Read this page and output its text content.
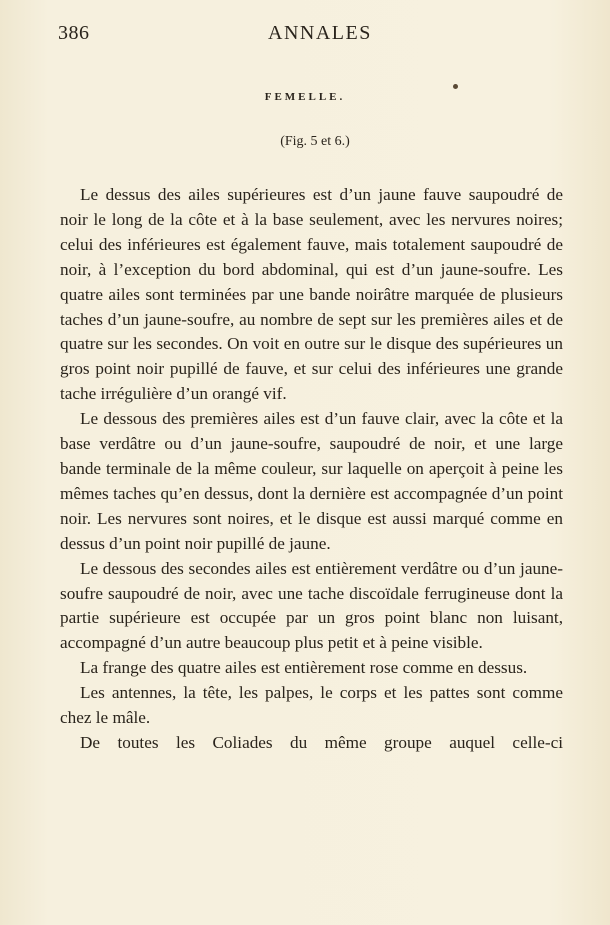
386	ANNALES
FEMELLE.
(Fig. 5 et 6.)

Le dessus des ailes supérieures est d’un jaune fauve saupoudré de noir le long de la côte et à la base seulement, avec les nervures noires; celui des inférieures est également fauve, mais totalement saupoudré de noir, à l’exception du bord abdominal, qui est d’un jaune-soufre. Les quatre ailes sont terminées par une bande noirâtre marquée de plusieurs taches d’un jaune-soufre, au nombre de sept sur les premières ailes et de quatre sur les secondes. On voit en outre sur le disque des supérieures un gros point noir pupillé de fauve, et sur celui des inférieures une grande tache irrégulière d’un orangé vif.

Le dessous des premières ailes est d’un fauve clair, avec la côte et la base verdâtre ou d’un jaune-soufre, saupoudré de noir, et une large bande terminale de la même couleur, sur laquelle on aperçoit à peine les mêmes taches qu’en dessus, dont la dernière est accompagnée d’un point noir. Les nervures sont noires, et le disque est aussi marqué comme en dessus d’un point noir pupillé de jaune.

Le dessous des secondes ailes est entièrement verdâtre ou d’un jaune-soufre saupoudré de noir, avec une tache discoïdale ferrugineuse dont la partie supérieure est occupée par un gros point blanc non luisant, accompagné d’un autre beaucoup plus petit et à peine visible.

La frange des quatre ailes est entièrement rose comme en dessus.

Les antennes, la tête, les palpes, le corps et les pattes sont comme chez le mâle.

De toutes les Coliades du même groupe auquel celle-ci
